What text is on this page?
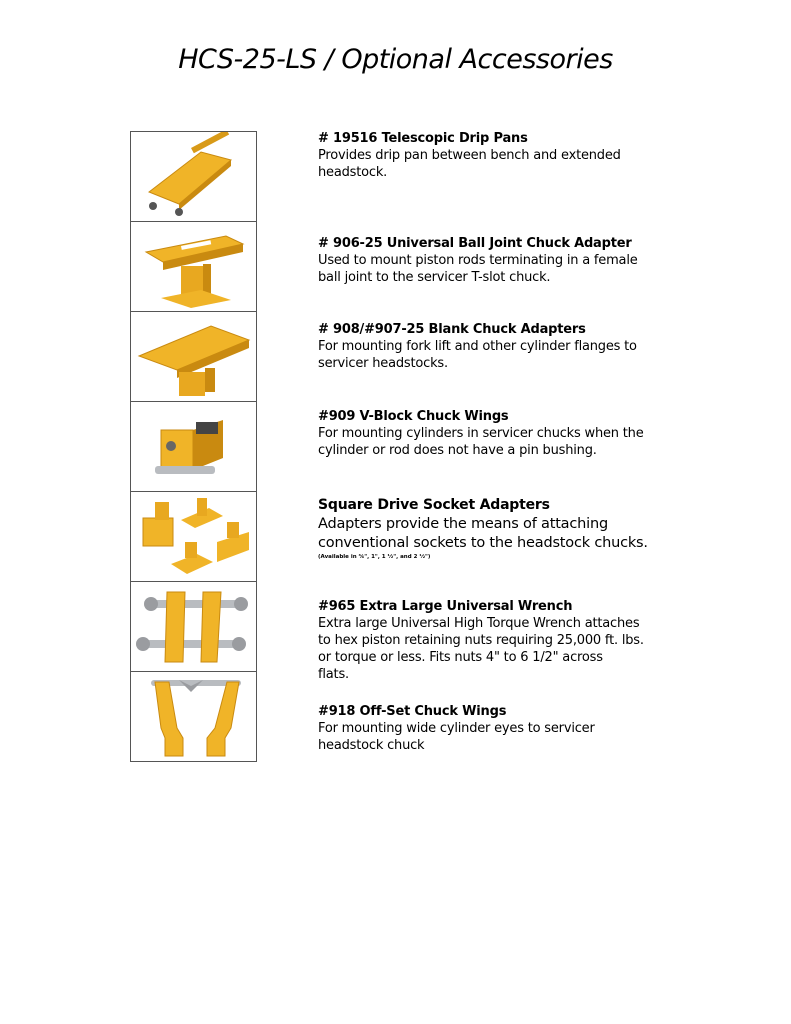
HCS-25-LS / Optional Accessories
# 19516 Telescopic Drip Pans
Provides drip pan between bench and extended
headstock.
# 906-25 Universal Ball Joint Chuck Adapter
Used to mount piston rods terminating in a female
ball joint to the servicer T-slot chuck.
# 908/#907-25 Blank Chuck Adapters
For mounting fork lift and other cylinder flanges to
servicer headstocks.
#909 V-Block Chuck Wings
For mounting cylinders in servicer chucks when the
cylinder or rod does not have a pin bushing.
Square Drive Socket Adapters
Adapters provide the means of attaching
conventional sockets to the headstock chucks.
(Available in ¾", 1", 1 ½", and 2 ½")
#965 Extra Large Universal Wrench
Extra large Universal High Torque Wrench attaches
to hex piston retaining nuts requiring 25,000 ft. lbs.
or torque or less. Fits nuts 4" to 6 1/2" across
flats.
#918 Off-Set Chuck Wings
For mounting wide cylinder eyes to servicer
headstock chuck
